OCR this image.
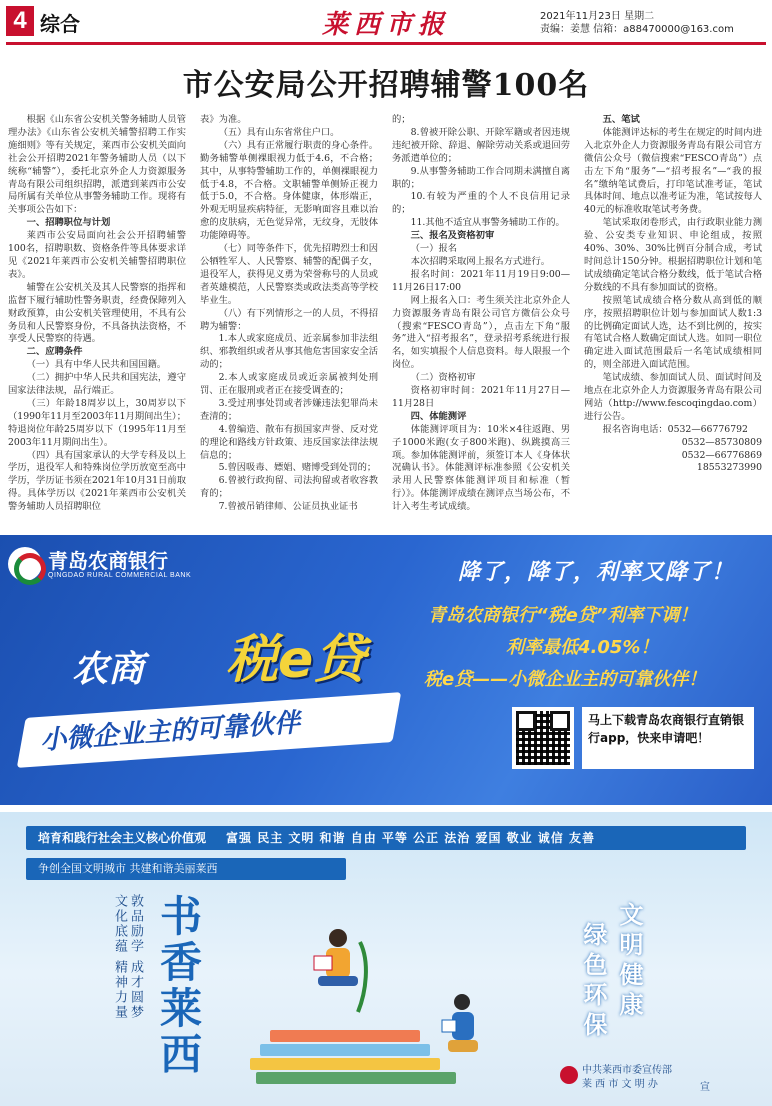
4 综合	莱西市报	2021年11月23日 星期二
责编：姜慧 信箱：a88470000@163.com
市公安局公开招聘辅警100名

根据《山东省公安机关警务辅助人员管理办法》《山东省公安机关辅警招聘工作实施细则》等有关规定，莱西市公安机关面向社会公开招聘2021年警务辅助人员（以下统称“辅警”），委托北京外企人力资源服务青岛有限公司组织招聘，派遣到莱西市公安局所属有关单位从事警务辅助工作。现将有关事项公告如下：

一、招聘职位与计划

莱西市公安局面向社会公开招聘辅警100名，招聘职数、资格条件等具体要求详见《2021年莱西市公安机关辅警招聘职位表》。

辅警在公安机关及其人民警察的指挥和监督下履行辅助性警务职责，经费保障列入财政预算，由公安机关管理使用，不具有公务员和人民警察身份，不具备执法资格，不享受人民警察的待遇。

二、应聘条件

（一）具有中华人民共和国国籍。

（二）拥护中华人民共和国宪法，遵守国家法律法规，品行端正。

（三）年龄18周岁以上，30周岁以下（1990年11月至2003年11月期间出生）；特退岗位年龄25周岁以下（1995年11月至2003年11月期间出生）。

（四）具有国家承认的大学专科及以上学历，退役军人和特殊岗位学历放宽至高中学历，学历证书须在2021年10月31日前取得。具体学历以《2021年莱西市公安机关警务辅助人员招聘职位

表》为准。

（五）具有山东省常住户口。

（六）具有正常履行职责的身心条件。勤务辅警单侧裸眼视力低于4.6，不合格；其中，从事特警辅助工作的，单侧裸眼视力低于4.8，不合格。文职辅警单侧矫正视力低于5.0，不合格。身体健康，体形端正，外观无明显疾病特征，无影响面容且难以治愈的皮肤病，无色觉异常，无纹身，无肢体功能障碍等。

（七）同等条件下，优先招聘烈士和因公牺牲军人、人民警察、辅警的配偶子女，退役军人，获得见义勇为荣誉称号的人员或者英雄模范，人民警察类或政法类高等学校毕业生。

（八）有下列情形之一的人员，不得招聘为辅警：

1.本人或家庭成员、近亲属参加非法组织、邪教组织或者从事其他危害国家安全活动的；

2.本人或家庭成员或近亲属被判处刑罚、正在服刑或者正在接受调查的；

3.受过刑事处罚或者涉嫌违法犯罪尚未查清的；

4.曾编造、散布有损国家声誉、反对党的理论和路线方针政策、违反国家法律法规信息的；

5.曾因吸毒、嫖娼、赌博受到处罚的；

6.曾被行政拘留、司法拘留或者收容教育的；

7.曾被吊销律师、公证员执业证书

的；

8.曾被开除公职、开除军籍或者因违规违纪被开除、辞退、解除劳动关系或退回劳务派遣单位的；

9.从事警务辅助工作合同期未满擅自离职的；

10.有较为严重的个人不良信用记录的；

11.其他不适宜从事警务辅助工作的。

三、报名及资格初审

（一）报名

本次招聘采取网上报名方式进行。

报名时间：2021年11月19日9:00—11月26日17:00

网上报名入口：考生须关注北京外企人力资源服务青岛有限公司官方微信公众号（搜索“FESCO青岛”），点击左下角“服务”进入“招考报名”，登录招考系统进行报名，如实填报个人信息资料。每人限报一个岗位。

（二）资格初审

资格初审时间：2021年11月27日—11月28日

四、体能测评

体能测评项目为：10米×4往返跑、男子1000米跑(女子800米跑)、纵跳摸高三项。参加体能测评前，须签订本人《身体状况确认书》。体能测评标准参照《公安机关录用人民警察体能测评项目和标准（暂行）》。体能测评成绩在测评点当场公布，不计入考生考试成绩。

五、笔试

体能测评达标的考生在规定的时间内进入北京外企人力资源服务青岛有限公司官方微信公众号（微信搜索“FESCO青岛”）点击左下角“服务”—“招考报名”—“我的报名”缴纳笔试费后，打印笔试准考证，笔试具体时间、地点以准考证为准，笔试按每人40元的标准收取笔试考务费。

笔试采取闭卷形式，由行政职业能力测验、公安类专业知识、申论组成，按照40%、30%、30%比例百分制合成，考试时间总计150分钟。根据招聘职位计划和笔试成绩确定笔试合格分数线，低于笔试合格分数线的不具有参加面试的资格。

按照笔试成绩合格分数从高到低的顺序，按照招聘职位计划与参加面试人数1:3的比例确定面试人选，达不到比例的，按实有笔试合格人数确定面试人选。如同一职位确定进入面试范围最后一名笔试成绩相同的，则全部进入面试范围。

笔试成绩、参加面试人员、面试时间及地点在北京外企人力资源服务青岛有限公司网站（http://www.fescoqingdao.com）进行公告。

报名咨询电话：0532—66776792

0532—85730809

0532—66776869

18553273990

青岛农商银行
QINGDAO RURAL COMMERCIAL BANK	降了，降了，利率又降了！
青岛农商银行“税e贷”利率下调！
利率最低4.05%！
税e贷——小微企业主的可靠伙伴！
农商 税e贷
小微企业主的可靠伙伴	马上下载青岛农商银行直销银行app，快来申请吧！
培育和践行社会主义核心价值观 富强 民主 文明 和谐 自由 平等 公正 法治 爱国 敬业 诚信 友善
争创全国文明城市 共建和谐美丽莱西
文化底蕴 精神力量 敦品励学 成才圆梦 书香莱西	绿色环保 文明健康
中共莱西市委宣传部
莱 西 市 文 明 办	宣
